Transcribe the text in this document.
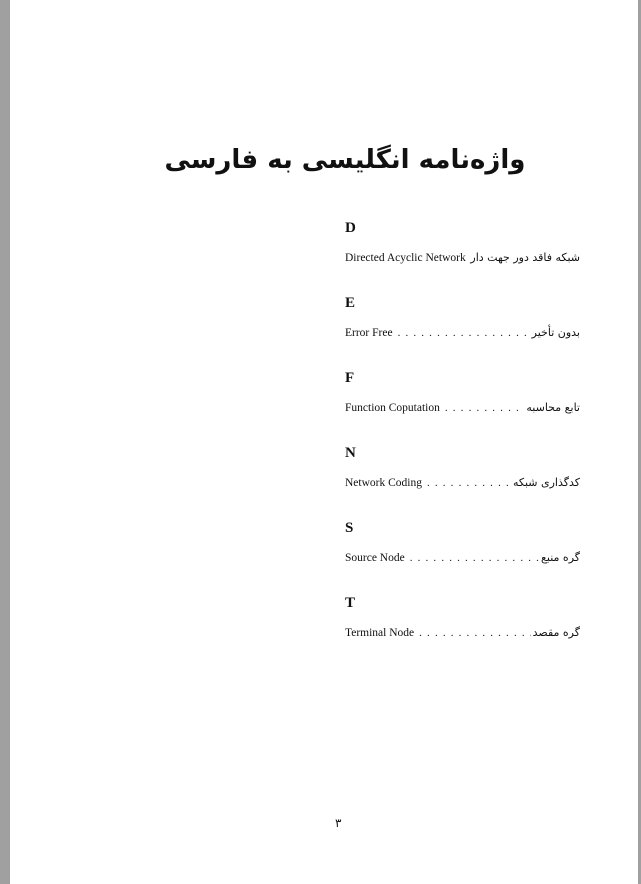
واژه‌نامه انگلیسی به فارسی
D
Directed Acyclic Network شبکه فاقد دور جهت دار
E
Error Free . . .	بدون تأخیر
F
Function Coputation . . .	تابع محاسبه
N
Network Coding . . .	کدگذاری شبکه
S
Source Node . . .	گره منبع
T
Terminal Node . . .	گره مقصد
۳
